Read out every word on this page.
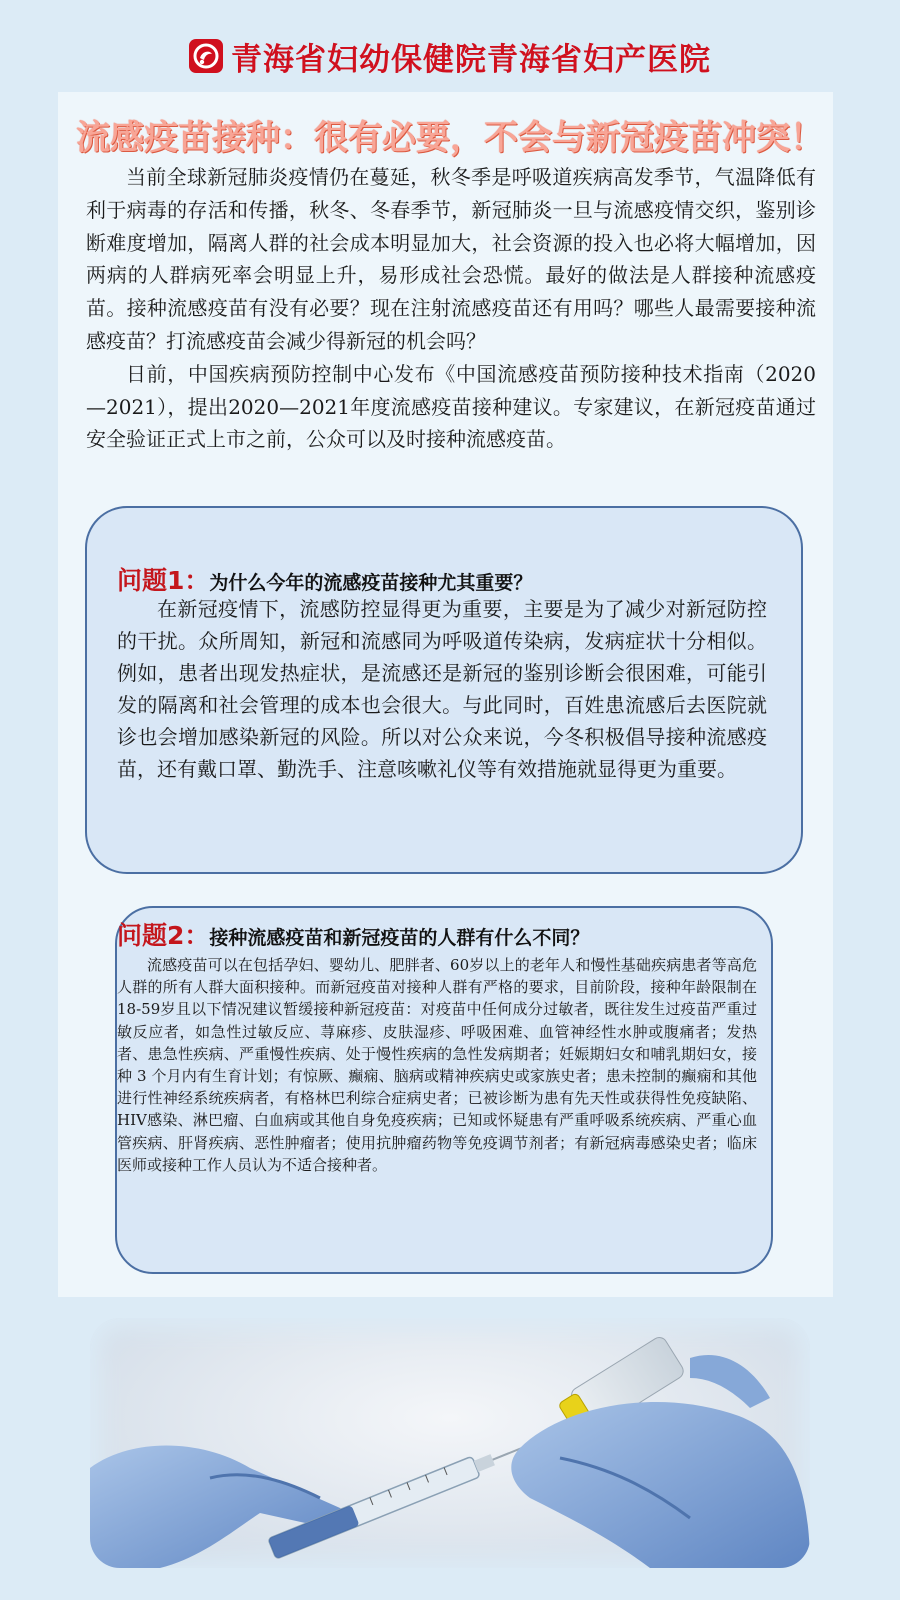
青海省妇幼保健院青海省妇产医院
流感疫苗接种：很有必要，不会与新冠疫苗冲突！

当前全球新冠肺炎疫情仍在蔓延，秋冬季是呼吸道疾病高发季节，气温降低有利于病毒的存活和传播，秋冬、冬春季节，新冠肺炎一旦与流感疫情交织，鉴别诊断难度增加，隔离人群的社会成本明显加大，社会资源的投入也必将大幅增加，因两病的人群病死率会明显上升，易形成社会恐慌。最好的做法是人群接种流感疫苗。接种流感疫苗有没有必要？现在注射流感疫苗还有用吗？哪些人最需要接种流感疫苗？打流感疫苗会减少得新冠的机会吗？

日前，中国疾病预防控制中心发布《中国流感疫苗预防接种技术指南（2020—2021），提出2020—2021年度流感疫苗接种建议。专家建议，在新冠疫苗通过安全验证正式上市之前，公众可以及时接种流感疫苗。

问题1： 为什么今年的流感疫苗接种尤其重要？

在新冠疫情下，流感防控显得更为重要，主要是为了减少对新冠防控的干扰。众所周知，新冠和流感同为呼吸道传染病，发病症状十分相似。例如，患者出现发热症状，是流感还是新冠的鉴别诊断会很困难，可能引发的隔离和社会管理的成本也会很大。与此同时，百姓患流感后去医院就诊也会增加感染新冠的风险。所以对公众来说，今冬积极倡导接种流感疫苗，还有戴口罩、勤洗手、注意咳嗽礼仪等有效措施就显得更为重要。

问题2： 接种流感疫苗和新冠疫苗的人群有什么不同？

流感疫苗可以在包括孕妇、婴幼儿、肥胖者、60岁以上的老年人和慢性基础疾病患者等高危人群的所有人群大面积接种。而新冠疫苗对接种人群有严格的要求，目前阶段，接种年龄限制在18-59岁且以下情况建议暂缓接种新冠疫苗：对疫苗中任何成分过敏者，既往发生过疫苗严重过敏反应者，如急性过敏反应、荨麻疹、皮肤湿疹、呼吸困难、血管神经性水肿或腹痛者；发热者、患急性疾病、严重慢性疾病、处于慢性疾病的急性发病期者；妊娠期妇女和哺乳期妇女，接种 3 个月内有生育计划；有惊厥、癫痫、脑病或精神疾病史或家族史者；患未控制的癫痫和其他进行性神经系统疾病者，有格林巴利综合症病史者；已被诊断为患有先天性或获得性免疫缺陷、HIV感染、淋巴瘤、白血病或其他自身免疫疾病；已知或怀疑患有严重呼吸系统疾病、严重心血管疾病、肝肾疾病、恶性肿瘤者；使用抗肿瘤药物等免疫调节剂者；有新冠病毒感染史者；临床医师或接种工作人员认为不适合接种者。
